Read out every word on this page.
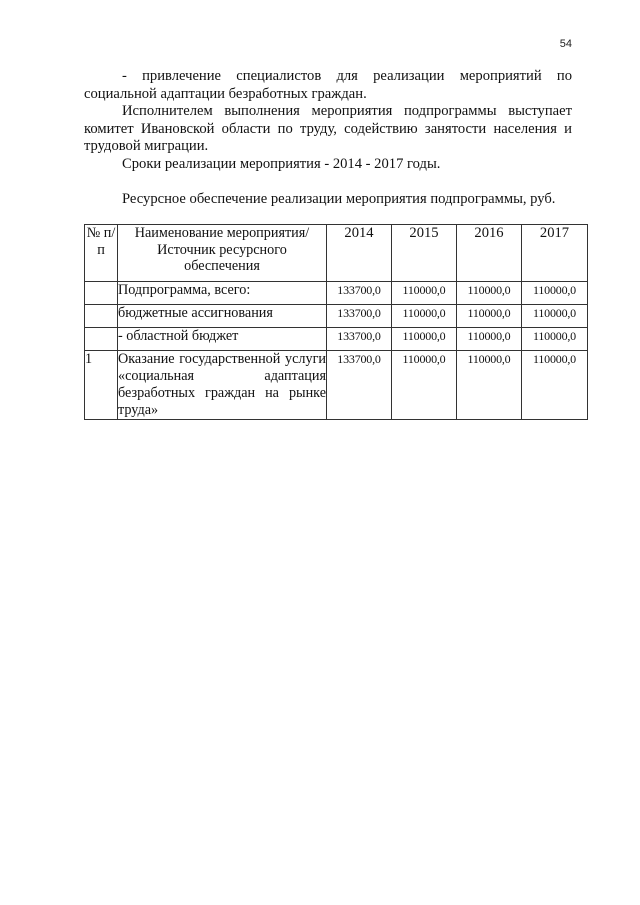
54

- привлечение специалистов для реализации мероприятий по социальной адаптации безработных граждан.

Исполнителем выполнения мероприятия подпрограммы выступает комитет Ивановской области по труду, содействию занятости населения и трудовой миграции.

Сроки реализации мероприятия - 2014 - 2017 годы.

Ресурсное обеспечение реализации мероприятия подпрограммы, руб.

№ п/п	Наименование мероприятия/Источник ресурсного обеспечения	2014	2015	2016	2017
	Подпрограмма, всего:	133700,0	110000,0	110000,0	110000,0
	бюджетные ассигнования	133700,0	110000,0	110000,0	110000,0
	- областной бюджет	133700,0	110000,0	110000,0	110000,0
1	Оказание государственной услуги «социальная адаптация безработных граждан на рынке труда»	133700,0	110000,0	110000,0	110000,0
